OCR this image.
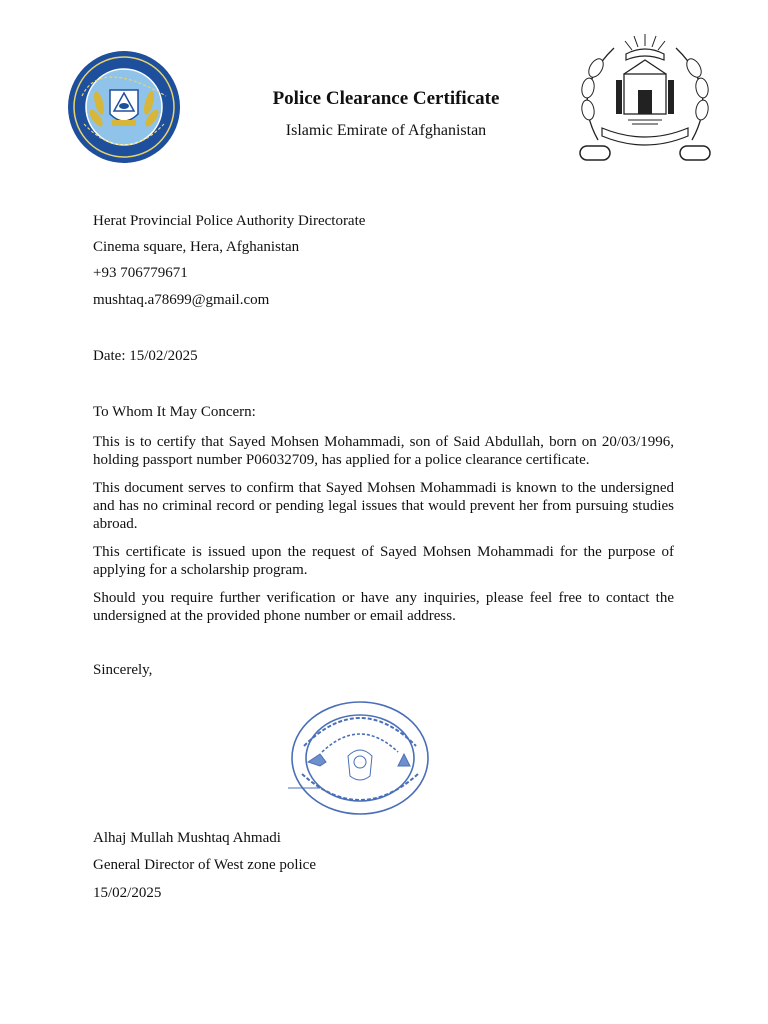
Police Clearance Certificate
Islamic Emirate of Afghanistan
Herat Provincial Police Authority Directorate
Cinema square, Hera, Afghanistan
+93 706779671
mushtaq.a78699@gmail.com
Date: 15/02/2025
To Whom It May Concern:
This is to certify that Sayed Mohsen Mohammadi, son of Said Abdullah, born on 20/03/1996, holding passport number P06032709, has applied for a police clearance certificate.
This document serves to confirm that Sayed Mohsen Mohammadi is known to the undersigned and has no criminal record or pending legal issues that would prevent her from pursuing studies abroad.
This certificate is issued upon the request of Sayed Mohsen Mohammadi for the purpose of applying for a scholarship program.
Should you require further verification or have any inquiries, please feel free to contact the undersigned at the provided phone number or email address.
Sincerely,
Alhaj Mullah Mushtaq Ahmadi
General Director of West zone police
15/02/2025
